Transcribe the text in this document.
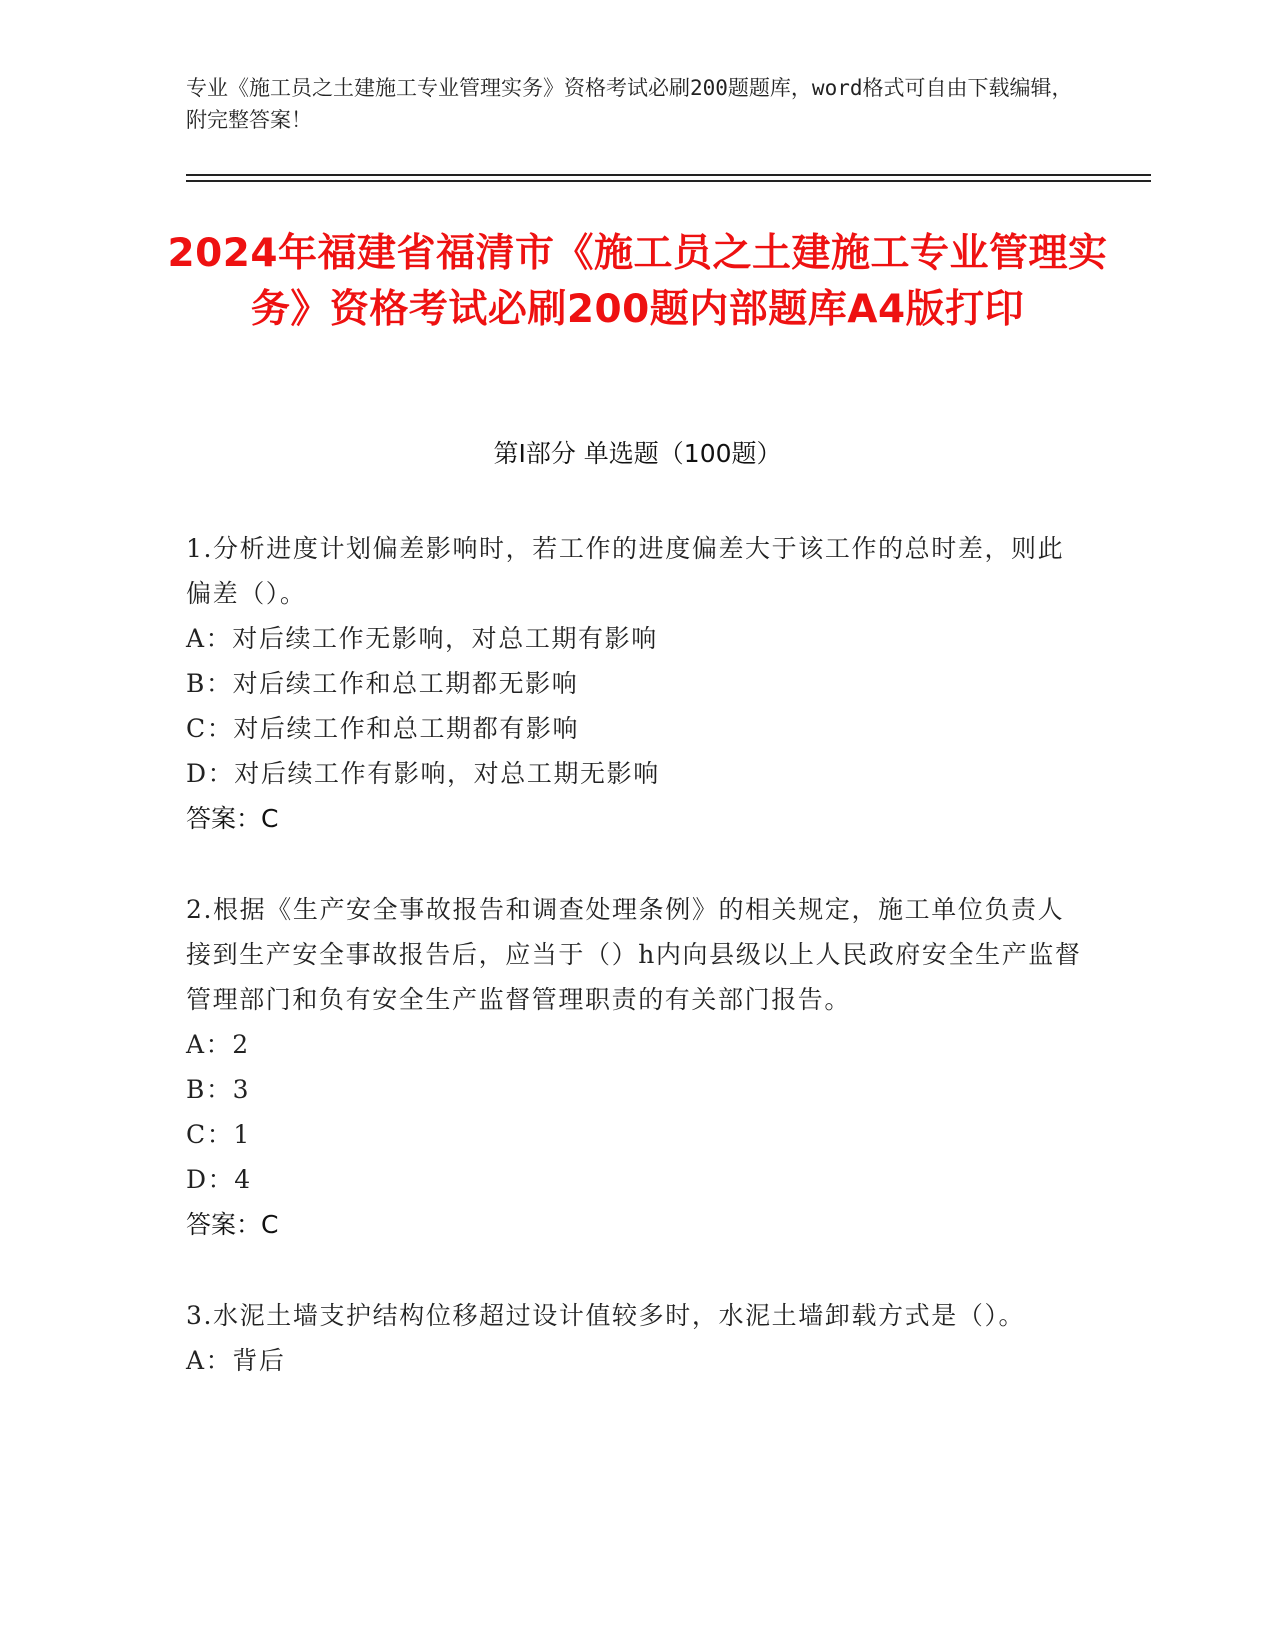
专业《施工员之土建施工专业管理实务》资格考试必刷200题题库，word格式可自由下载编辑，附完整答案！
2024年福建省福清市《施工员之土建施工专业管理实务》资格考试必刷200题内部题库A4版打印
第I部分 单选题（100题）
1.分析进度计划偏差影响时，若工作的进度偏差大于该工作的总时差，则此偏差（）。
A：对后续工作无影响，对总工期有影响
B：对后续工作和总工期都无影响
C：对后续工作和总工期都有影响
D：对后续工作有影响，对总工期无影响
答案：C
2.根据《生产安全事故报告和调查处理条例》的相关规定，施工单位负责人接到生产安全事故报告后，应当于（）h内向县级以上人民政府安全生产监督管理部门和负有安全生产监督管理职责的有关部门报告。
A：2
B：3
C：1
D：4
答案：C
3.水泥土墙支护结构位移超过设计值较多时，水泥土墙卸载方式是（）。
A：背后
